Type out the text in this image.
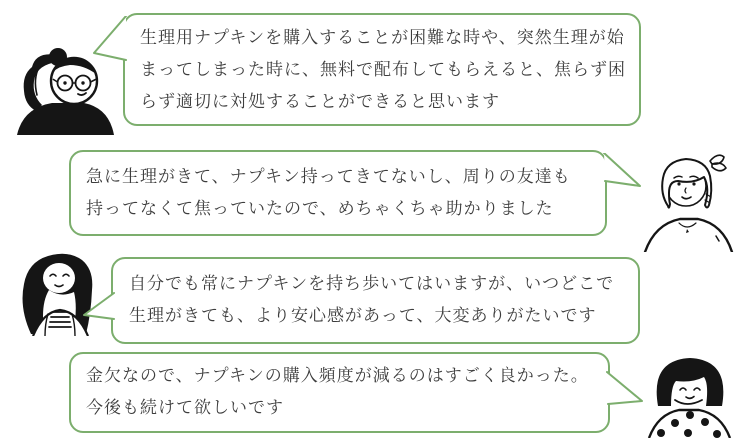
生理用ナプキンを購入することが困難な時や、突然生理が始
まってしまった時に、無料で配布してもらえると、焦らず困
らず適切に対処することができると思います
急に生理がきて、ナプキン持ってきてないし、周りの友達も
持ってなくて焦っていたので、めちゃくちゃ助かりました
自分でも常にナプキンを持ち歩いてはいますが、いつどこで
生理がきても、より安心感があって、大変ありがたいです
金欠なので、ナプキンの購入頻度が減るのはすごく良かった。
今後も続けて欲しいです
